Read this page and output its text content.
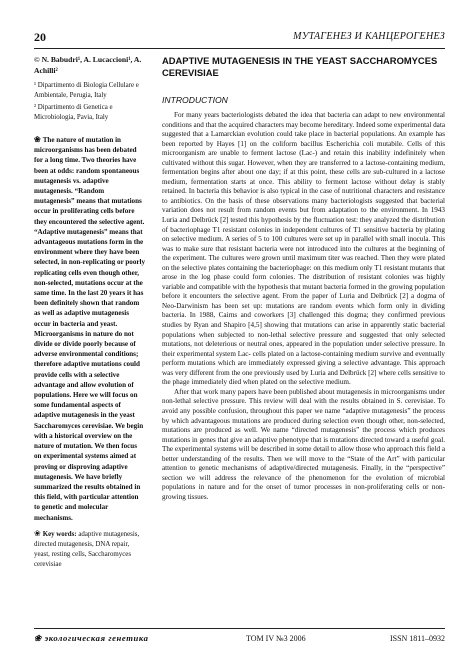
20	МУТАГЕНЕЗ И КАНЦЕРОГЕНЕЗ
© N. Babudri¹, A. Lucaccioni¹, A. Achilli²
¹ Dipartimento di Biologia Cellulare e Ambientale, Perugia, Italy
² Dipartimento di Genetica e Microbiologia, Pavia, Italy
❀ The nature of mutation in microorganisms has been debated for a long time. Two theories have been at odds: random spontaneous mutagenesis vs. adaptive mutagenesis. “Random mutagenesis” means that mutations occur in proliferating cells before they encountered the selective agent. “Adaptive mutagenesis” means that advantageous mutations form in the environment where they have been selected, in non-replicating or poorly replicating cells even though other, non-selected, mutations occur at the same time. In the last 20 years it has been definitely shown that random as well as adaptive mutagenesis occur in bacteria and yeast. Microorganisms in nature do not divide or divide poorly because of adverse environmental conditions; therefore adaptive mutations could provide cells with a selective advantage and allow evolution of populations. Here we will focus on some fundamental aspects of adaptive mutagenesis in the yeast Saccharomyces cerevisiae. We begin with a historical overview on the nature of mutation. We then focus on experimental systems aimed at proving or disproving adaptive mutagenesis. We have briefly summarized the results obtained in this field, with particular attention to genetic and molecular mechanisms.
❀ Key words: adaptive mutagenesis, directed mutagenesis, DNA repair, yeast, resting cells, Saccharomyces cerevisiae
ADAPTIVE MUTAGENESIS IN THE YEAST SACCHAROMYCES CEREVISIAE
INTRODUCTION

For many years bacteriologists debated the idea that bacteria can adapt to new environmental conditions and that the acquired characters may become hereditary. Indeed some experimental data suggested that a Lamarckian evolution could take place in bacterial populations. An example has been reported by Hayes [1] on the coliform bacillus Escherichia coli mutabile. Cells of this microorganism are unable to ferment lactose (Lac-) and retain this inability indefinitely when cultivated without this sugar. However, when they are transferred to a lactose-containing medium, fermentation begins after about one day; if at this point, these cells are sub-cultured in a lactose medium, fermentation starts at once. This ability to ferment lactose without delay is stably retained. In bacteria this behavior is also typical in the case of nutritional characters and resistance to antibiotics. On the basis of these observations many bacteriologists suggested that bacterial variation does not result from random events but from adaptation to the environment. In 1943 Luria and Delbrück [2] tested this hypothesis by the fluctuation test: they analyzed the distribution of bacteriophage T1 resistant colonies in independent cultures of T1 sensitive bacteria by plating on selective medium. A series of 5 to 100 cultures were set up in parallel with small inocula. This was to make sure that resistant bacteria were not introduced into the cultures at the beginning of the experiment. The cultures were grown until maximum titer was reached. Then they were plated on the selective plates containing the bacteriophage: on this medium only T1 resistant mutants that arose in the log phase could form colonies. The distribution of resistant colonies was highly variable and compatible with the hypothesis that mutant bacteria formed in the growing population before it encounters the selective agent. From the paper of Luria and Delbrück [2] a dogma of Neo-Darwinism has been set up: mutations are random events which form only in dividing bacteria. In 1988, Cairns and coworkers [3] challenged this dogma; they confirmed previous studies by Ryan and Shapiro [4,5] showing that mutations can arise in apparently static bacterial populations when subjected to non-lethal selective pressure and suggested that only selected mutations, not deleterious or neutral ones, appeared in the population under selective pressure. In their experimental system Lac- cells plated on a lactose-containing medium survive and eventually perform mutations which are immediately expressed giving a selective advantage. This approach was very different from the one previously used by Luria and Delbrück [2] where cells sensitive to the phage immediately died when plated on the selective medium.

After that work many papers have been published about mutagenesis in microorganisms under non-lethal selective pressure. This review will deal with the results obtained in S. cerevisiae. To avoid any possible confusion, throughout this paper we name “adaptive mutagenesis” the process by which advantageous mutations are produced during selection even though other, non-selected, mutations are produced as well. We name “directed mutagenesis” the process which produces mutations in genes that give an adaptive phenotype that is mutations directed toward a useful goal. The experimental systems will be described in some detail to allow those who approach this field a better understanding of the results. Then we will move to the “State of the Art” with particular attention to genetic mechanisms of adaptive/directed mutagenesis. Finally, in the “perspective” section we will address the relevance of the phenomenon for the evolution of microbial populations in nature and for the onset of tumor processes in non-proliferating cells or non-growing tissues.

❀ экологическая генетика	ТОМ IV №3 2006	ISSN 1811–0932
